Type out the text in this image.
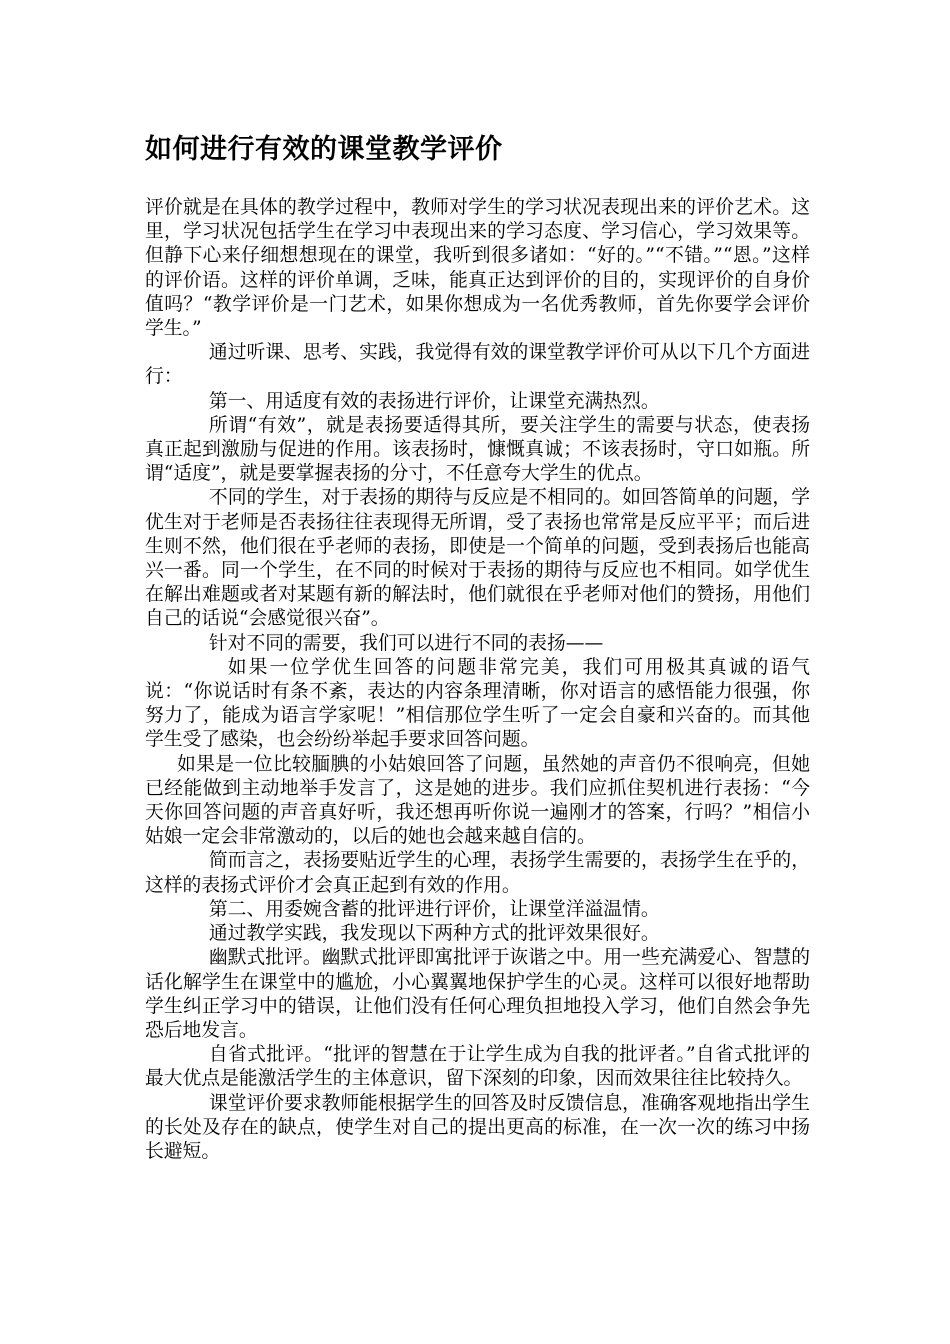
如何进行有效的课堂教学评价

评价就是在具体的教学过程中，教师对学生的学习状况表现出来的评价艺术。这里，学习状况包括学生在学习中表现出来的学习态度、学习信心，学习效果等。但静下心来仔细想想现在的课堂，我听到很多诸如：“好的。”“不错。”“恩。”这样的评价语。这样的评价单调，乏味，能真正达到评价的目的，实现评价的自身价值吗？“教学评价是一门艺术，如果你想成为一名优秀教师，首先你要学会评价学生。”

通过听课、思考、实践，我觉得有效的课堂教学评价可从以下几个方面进行：

第一、用适度有效的表扬进行评价，让课堂充满热烈。

所谓“有效”，就是表扬要适得其所，要关注学生的需要与状态，使表扬真正起到激励与促进的作用。该表扬时，慷慨真诚；不该表扬时，守口如瓶。所谓“适度”，就是要掌握表扬的分寸，不任意夸大学生的优点。

不同的学生，对于表扬的期待与反应是不相同的。如回答简单的问题，学优生对于老师是否表扬往往表现得无所谓，受了表扬也常常是反应平平；而后进生则不然，他们很在乎老师的表扬，即使是一个简单的问题，受到表扬后也能高兴一番。同一个学生，在不同的时候对于表扬的期待与反应也不相同。如学优生在解出难题或者对某题有新的解法时，他们就很在乎老师对他们的赞扬，用他们自己的话说“会感觉很兴奋”。

针对不同的需要，我们可以进行不同的表扬——

如果一位学优生回答的问题非常完美，我们可用极其真诚的语气说：“你说话时有条不紊，表达的内容条理清晰，你对语言的感悟能力很强，你努力了，能成为语言学家呢！”相信那位学生听了一定会自豪和兴奋的。而其他学生受了感染，也会纷纷举起手要求回答问题。

如果是一位比较腼腆的小姑娘回答了问题，虽然她的声音仍不很响亮，但她已经能做到主动地举手发言了，这是她的进步。我们应抓住契机进行表扬：“今天你回答问题的声音真好听，我还想再听你说一遍刚才的答案，行吗？”相信小姑娘一定会非常激动的，以后的她也会越来越自信的。

简而言之，表扬要贴近学生的心理，表扬学生需要的，表扬学生在乎的，这样的表扬式评价才会真正起到有效的作用。

第二、用委婉含蓄的批评进行评价，让课堂洋溢温情。

通过教学实践，我发现以下两种方式的批评效果很好。

幽默式批评。幽默式批评即寓批评于诙谐之中。用一些充满爱心、智慧的话化解学生在课堂中的尴尬，小心翼翼地保护学生的心灵。这样可以很好地帮助学生纠正学习中的错误，让他们没有任何心理负担地投入学习，他们自然会争先恐后地发言。

自省式批评。“批评的智慧在于让学生成为自我的批评者。”自省式批评的最大优点是能激活学生的主体意识，留下深刻的印象，因而效果往往比较持久。

课堂评价要求教师能根据学生的回答及时反馈信息，准确客观地指出学生的长处及存在的缺点，使学生对自己的提出更高的标准，在一次一次的练习中扬长避短。
